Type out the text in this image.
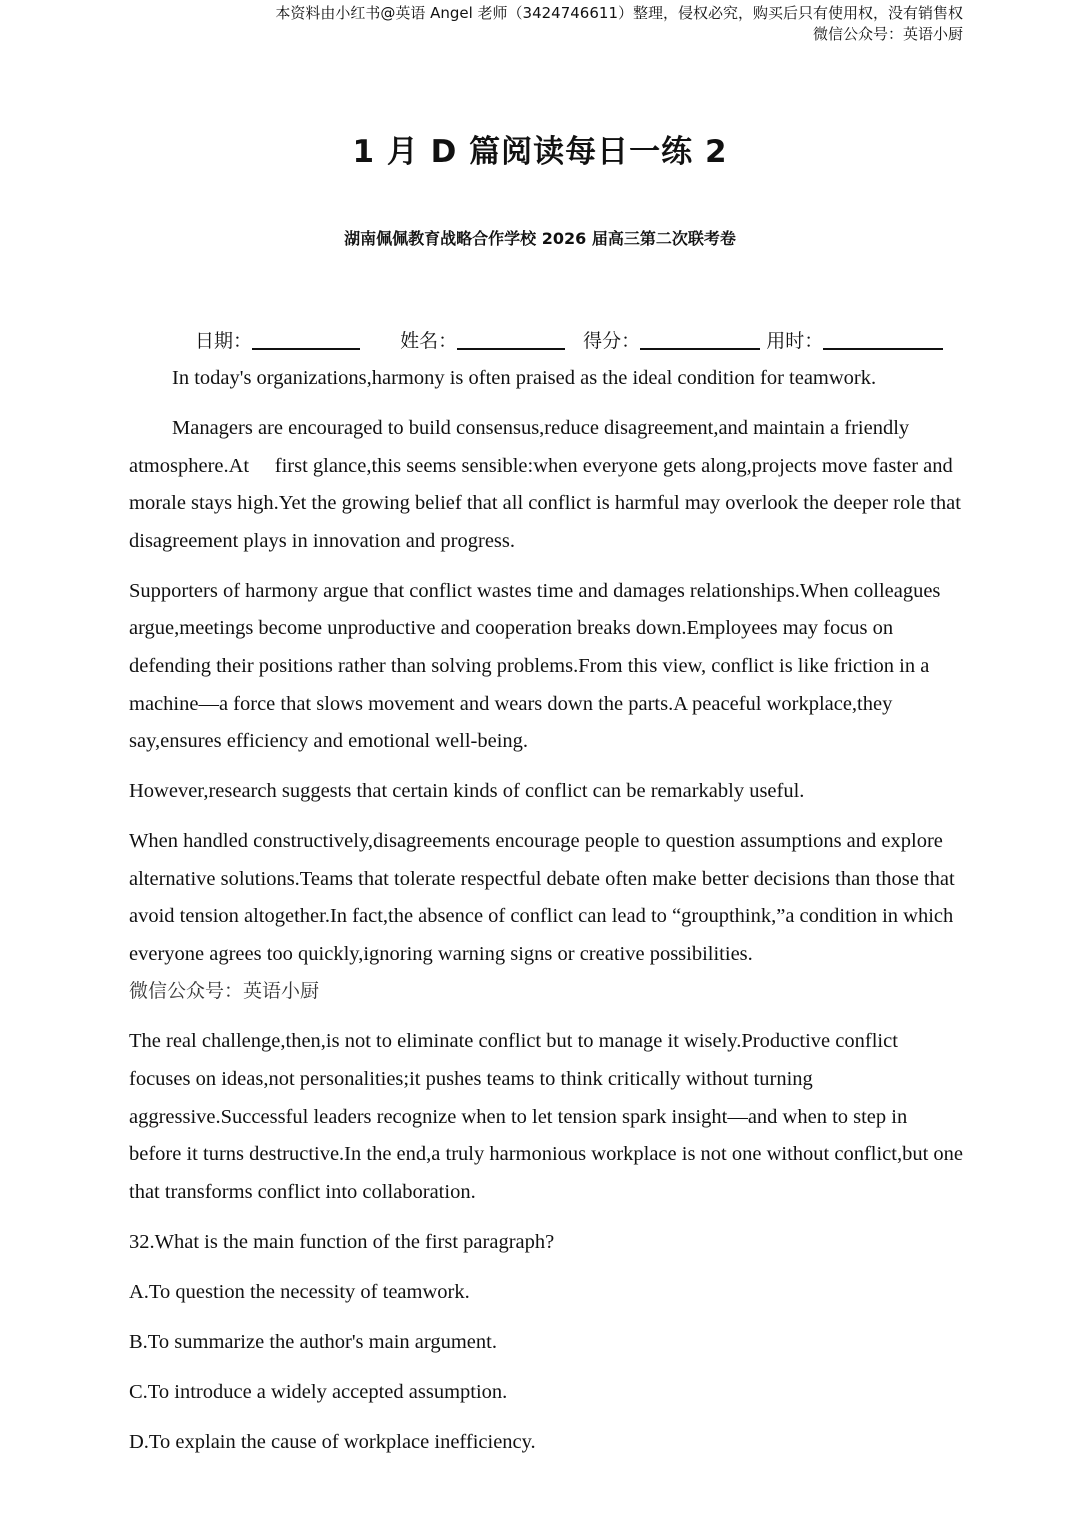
本资料由小红书@英语 Angel 老师（3424746611）整理，侵权必究，购买后只有使用权，没有销售权
微信公众号：英语小厨
1 月 D 篇阅读每日一练 2
湖南佩佩教育战略合作学校 2026 届高三第二次联考卷
日期：	姓名：	得分：	用时：

In today's organizations,harmony is often praised as the ideal condition for teamwork.

Managers are encouraged to build consensus,reduce disagreement,and maintain a friendly atmosphere.At     first glance,this seems sensible:when everyone gets along,projects move faster and morale stays high.Yet the growing belief that all conflict is harmful may overlook the deeper role that disagreement plays in innovation and progress.

Supporters of harmony argue that conflict wastes time and damages relationships.When colleagues argue,meetings become unproductive and cooperation breaks down.Employees may focus on defending their positions rather than solving problems.From this view, conflict is like friction in a machine—a force that slows movement and wears down the parts.A peaceful workplace,they say,ensures efficiency and emotional well-being.

However,research suggests that certain kinds of conflict can be remarkably useful.

When handled constructively,disagreements encourage people to question assumptions and explore    alternative solutions.Teams that tolerate respectful debate often make better decisions than those that avoid tension altogether.In fact,the absence of conflict can lead to “groupthink,”a condition in which everyone agrees too quickly,ignoring warning signs or creative possibilities.
微信公众号：英语小厨

The real challenge,then,is not to eliminate conflict but to manage it wisely.Productive conflict focuses on ideas,not personalities;it pushes teams to think critically without turning aggressive.Successful leaders recognize when to let tension spark insight—and when to step in before it turns destructive.In the end,a truly harmonious workplace is not one without conflict,but one that transforms conflict into collaboration.

32.What is the main function of the first paragraph?

A.To question the necessity of teamwork.

B.To summarize the author's main argument.

C.To introduce a widely accepted assumption.

D.To explain the cause of workplace inefficiency.
